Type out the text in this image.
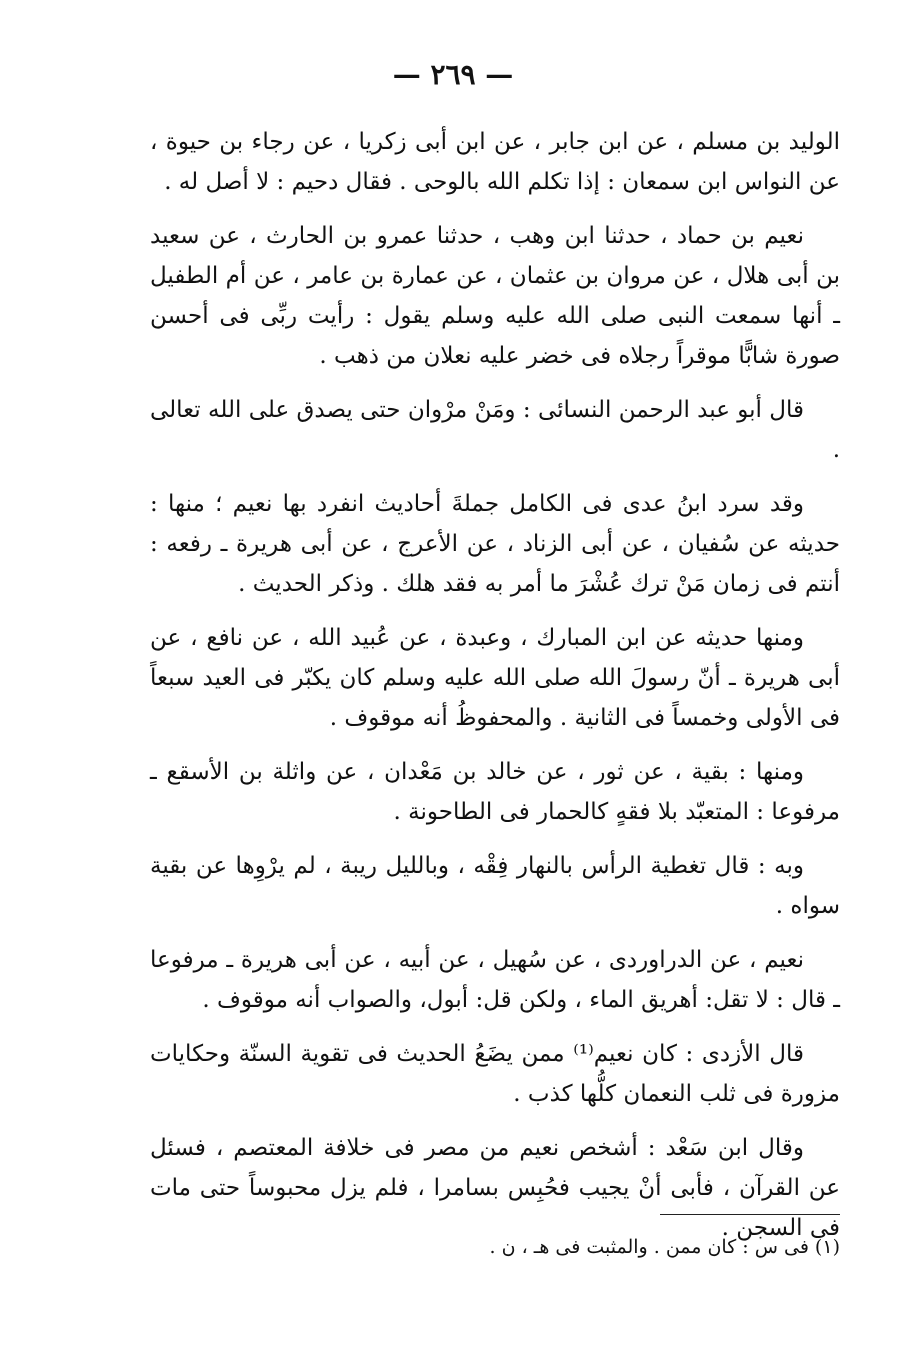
— ٢٦٩ —

الوليد بن مسلم ، عن ابن جابر ، عن ابن أبى زكريا ، عن رجاء بن حيوة ، عن النواس ابن سمعان : إذا تكلم الله بالوحى . فقال دحيم : لا أصل له .

نعيم بن حماد ، حدثنا ابن وهب ، حدثنا عمرو بن الحارث ، عن سعيد بن أبى هلال ، عن مروان بن عثمان ، عن عمارة بن عامر ، عن أم الطفيل ـ أنها سمعت النبى صلى الله عليه وسلم يقول : رأيت ربِّى فى أحسن صورة شابًّا موقراً رجلاه فى خضر عليه نعلان من ذهب .

قال أبو عبد الرحمن النسائى : ومَنْ مرْوان حتى يصدق على الله تعالى .

وقد سرد ابنُ عدى فى الكامل جملةَ أحاديث انفرد بها نعيم ؛ منها : حديثه عن سُفيان ، عن أبى الزناد ، عن الأعرج ، عن أبى هريرة ـ رفعه : أنتم فى زمان مَنْ ترك عُشْرَ ما أمر به فقد هلك . وذكر الحديث .

ومنها حديثه عن ابن المبارك ، وعبدة ، عن عُبيد الله ، عن نافع ، عن أبى هريرة ـ أنّ رسولَ الله صلى الله عليه وسلم كان يكبّر فى العيد سبعاً فى الأولى وخمساً فى الثانية . والمحفوظُ أنه موقوف .

ومنها : بقية ، عن ثور ، عن خالد بن مَعْدان ، عن واثلة بن الأسقع ـ مرفوعا : المتعبّد بلا فقهٍ كالحمار فى الطاحونة .

وبه : قال تغطية الرأس بالنهار فِقْه ، وبالليل ريبة ، لم يرْوِها عن بقية سواه .

نعيم ، عن الدراوردى ، عن سُهيل ، عن أبيه ، عن أبى هريرة ـ مرفوعا ـ قال : لا تقل: أهريق الماء ، ولكن قل: أبول، والصواب أنه موقوف .

قال الأزدى : كان نعيم⁽¹⁾ ممن يضَعُ الحديث فى تقوية السنّة وحكايات مزورة فى ثلب النعمان كلُّها كذب .

وقال ابن سَعْد : أشخص نعيم من مصر فى خلافة المعتصم ، فسئل عن القرآن ، فأبى أنْ يجيب فحُبِس بسامرا ، فلم يزل محبوساً حتى مات فى السجن .

(١) فى س : كان ممن . والمثبت فى هـ ، ن .
